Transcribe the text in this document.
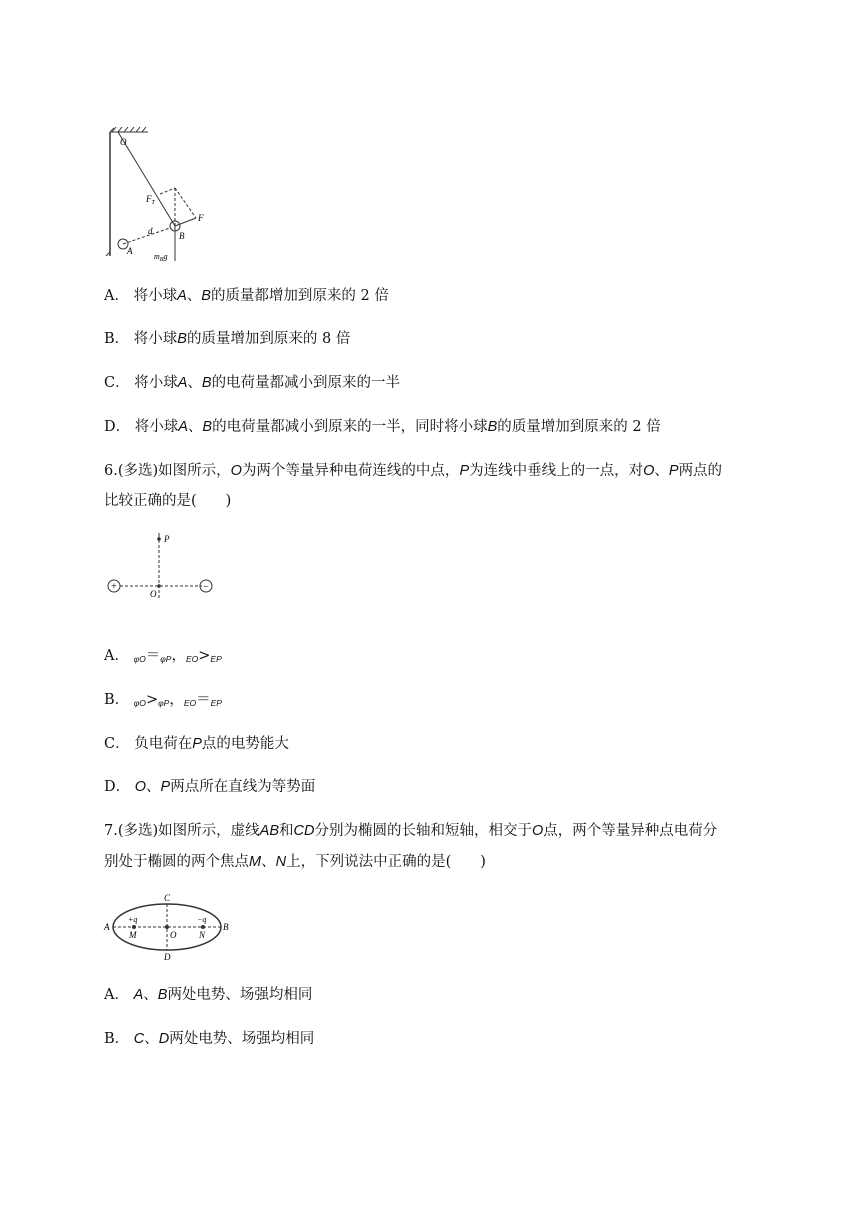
O
$F_T$
F
B
A
d
$m_Bg$
A． 将小球A、B的质量都增加到原来的 2 倍
B． 将小球B的质量增加到原来的 8 倍
C． 将小球A、B的电荷量都减小到原来的一半
D． 将小球A、B的电荷量都减小到原来的一半，同时将小球B的质量增加到原来的 2 倍
6.(多选)如图所示，O为两个等量异种电荷连线的中点，P为连线中垂线上的一点，对O、P两点的
比较正确的是(　　)
P
O
+	−
A． $_{\varphi O}=_{\varphi P}$，$_{EO}>_{EP}$
B． $_{\varphi O}>_{\varphi P}$，$_{EO}=_{EP}$
C． 负电荷在P点的电势能大
D． O、P两点所在直线为等势面
7.(多选)如图所示，虚线AB和CD分别为椭圆的长轴和短轴，相交于O点，两个等量异种点电荷分
别处于椭圆的两个焦点M、N上，下列说法中正确的是(　　)
A	B
C
D
O
M	N
+q	−q
A． A、B两处电势、场强均相同
B． C、D两处电势、场强均相同
